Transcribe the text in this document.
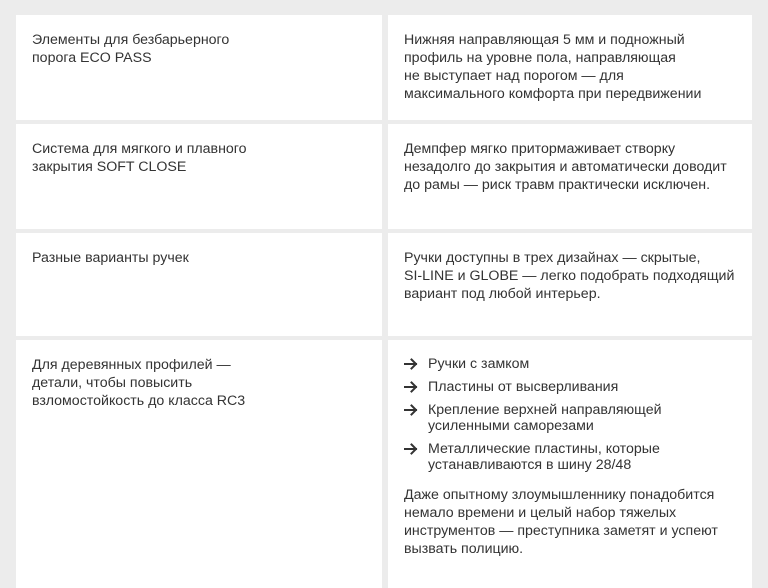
Элементы для безбарьерного
порога ECO PASS
Нижняя направляющая 5 мм и подножный
профиль на уровне пола, направляющая
не выступает над порогом — для
максимального комфорта при передвижении
Система для мягкого и плавного
закрытия SOFT CLOSE
Демпфер мягко притормаживает створку
незадолго до закрытия и автоматически доводит
до рамы — риск травм практически исключен.
Разные варианты ручек	Ручки доступны в трех дизайнах — скрытые,
SI-LINE и GLOBE — легко подобрать подходящий
вариант под любой интерьер.
Для деревянных профилей —
детали, чтобы повысить
взломостойкость до класса RC3
Ручки с замком
Пластины от высверливания
Крепление верхней направляющей
усиленными саморезами
Металлические пластины, которые
устанавливаются в шину 28/48
Даже опытному злоумышленнику понадобится
немало времени и целый набор тяжелых
инструментов — преступника заметят и успеют
вызвать полицию.
